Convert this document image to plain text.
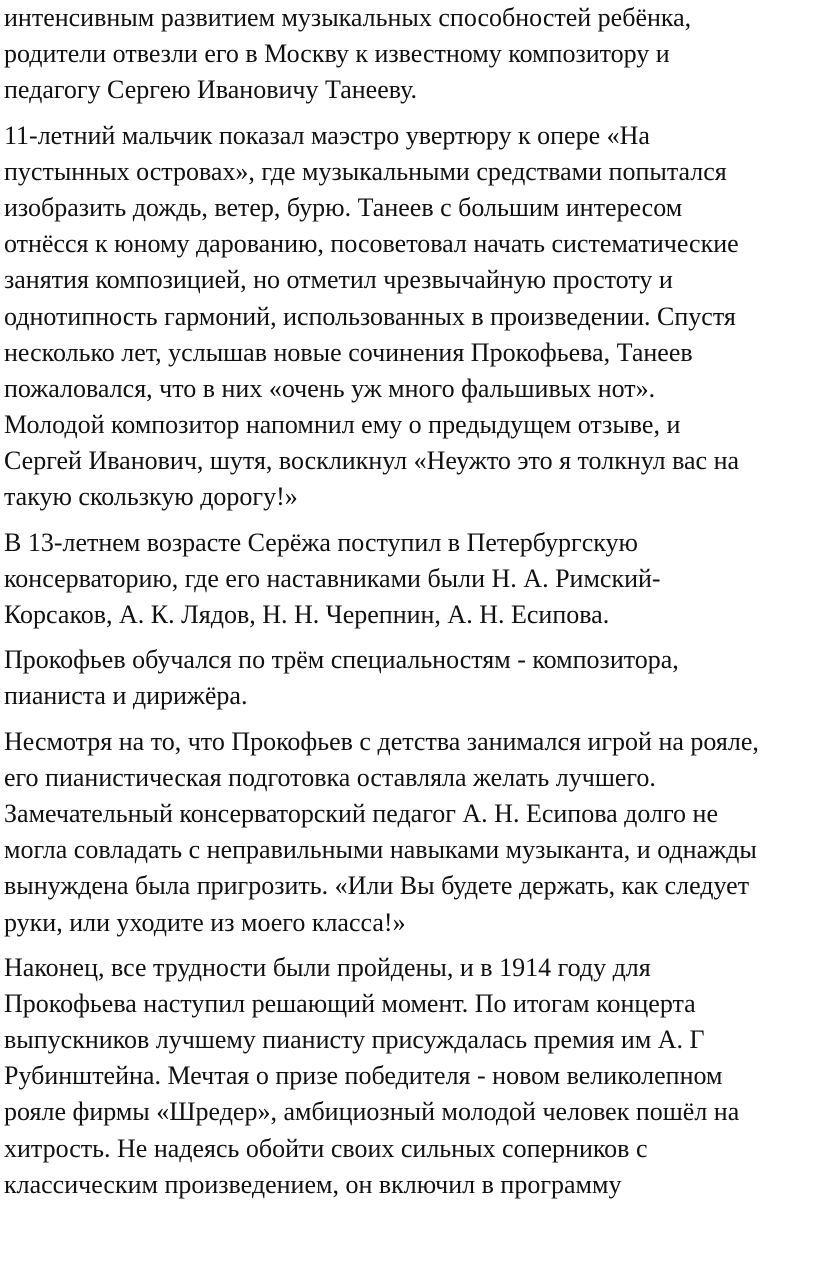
интенсивным развитием музыкальных способностей ребёнка,
родители отвезли его в Москву к известному композитору и
педагогу Сергею Ивановичу Танееву.
11-летний мальчик показал маэстро увертюру к опере «На
пустынных островах», где музыкальными средствами попытался
изобразить дождь, ветер, бурю. Танеев с большим интересом
отнёсся к юному дарованию, посоветовал начать систематические
занятия композицией, но отметил чрезвычайную простоту и
однотипность гармоний, использованных в произведении. Спустя
несколько лет, услышав новые сочинения Прокофьева, Танеев
пожаловался, что в них «очень уж много фальшивых нот».
Молодой композитор напомнил ему о предыдущем отзыве, и
Сергей Иванович, шутя, воскликнул «Неужто это я толкнул вас на
такую скользкую дорогу!»
В 13-летнем возрасте Серёжа поступил в Петербургскую
консерваторию, где его наставниками были Н. А. Римский-
Корсаков, А. К. Лядов, Н. Н. Черепнин, А. Н. Есипова.
Прокофьев обучался по трём специальностям - композитора,
пианиста и дирижёра.
Несмотря на то, что Прокофьев с детства занимался игрой на рояле,
его пианистическая подготовка оставляла желать лучшего.
Замечательный консерваторский педагог А. Н. Есипова долго не
могла совладать с неправильными навыками музыканта, и однажды
вынуждена была пригрозить. «Или Вы будете держать, как следует
руки, или уходите из моего класса!»
Наконец, все трудности были пройдены, и в 1914 году для
Прокофьева наступил решающий момент. По итогам концерта
выпускников лучшему пианисту присуждалась премия им А. Г
Рубинштейна. Мечтая о призе победителя - новом великолепном
рояле фирмы «Шредер», амбициозный молодой человек пошёл на
хитрость. Не надеясь обойти своих сильных соперников с
классическим произведением, он включил в программу
